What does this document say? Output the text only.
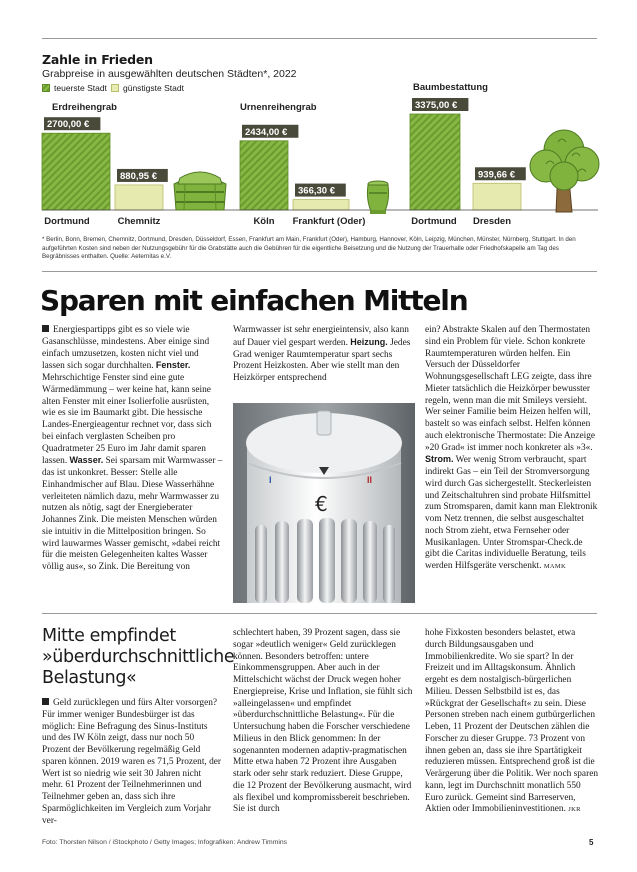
Zahle in Frieden
Grabpreise in ausgewählten deutschen Städten*, 2022
teuerste Stadt günstigste Stadt
Erdreihengrab	Urnenreihengrab
Baumbestattung
2700,00 €
Dortmund
880,95 €
Chemnitz
2434,00 €
Köln
366,30 €
Frankfurt (Oder)
3375,00 €
Dortmund
939,66 €
Dresden
* Berlin, Bonn, Bremen, Chemnitz, Dortmund, Dresden, Düsseldorf, Essen, Frankfurt am Main, Frankfurt (Oder), Hamburg, Hannover, Köln, Leipzig, München, Münster, Nürnberg, Stuttgart. In den aufgeführten Kosten sind neben der Nutzungsgebühr für die Grabstätte auch die Gebühren für die eigentliche Beisetzung und die Nutzung der Trauerhalle oder Friedhofskapelle am Tag des Begräbnisses enthalten. Quelle: Aeternitas e.V.
Sparen mit einfachen Mitteln

Energiespartipps gibt es so viele wie Gasanschlüsse, mindestens. Aber einige sind einfach umzusetzen, kosten nicht viel und lassen sich sogar durchhalten. Fenster. Mehrschichtige Fenster sind eine gute Wärmedämmung – wer keine hat, kann seine alten Fenster mit einer Isolierfolie ausrüsten, wie es sie im Baumarkt gibt. Die hessische Landes-Energieagentur rechnet vor, dass sich bei einfach verglasten Scheiben pro Quadratmeter 25 Euro im Jahr damit sparen lassen. Wasser. Sei sparsam mit Warmwasser – das ist unkonkret. Besser: Stelle alle Einhandmischer auf Blau. Diese Wasserhähne verleiteten nämlich dazu, mehr Warmwasser zu nutzen als nötig, sagt der Energieberater Johannes Zink. Die meisten Menschen würden sie intuitiv in die Mittelposition bringen. So wird lauwarmes Wasser gemischt, »dabei reicht für die meisten Gelegenheiten kaltes Wasser völlig aus«, so Zink. Die Bereitung von

Warmwasser ist sehr energieintensiv, also kann auf Dauer viel gespart werden. Heizung. Jedes Grad weniger Raumtemperatur spart sechs Prozent Heizkosten. Aber wie stellt man den Heizkörper entsprechend

I	II
€

ein? Abstrakte Skalen auf den Thermostaten sind ein Problem für viele. Schon konkrete Raumtemperaturen würden helfen. Ein Versuch der Düsseldorfer Wohnungsgesellschaft LEG zeigte, dass ihre Mieter tatsächlich die Heizkörper bewusster regeln, wenn man die mit Smileys versieht. Wer seiner Familie beim Heizen helfen will, bastelt so was einfach selbst. Helfen können auch elektronische Thermostate: Die Anzeige »20 Grad« ist immer noch konkreter als »3«. Strom. Wer wenig Strom verbraucht, spart indirekt Gas – ein Teil der Stromversorgung wird durch Gas sichergestellt. Steckerleisten und Zeitschaltuhren sind probate Hilfsmittel zum Stromsparen, damit kann man Elektronik vom Netz trennen, die selbst ausgeschaltet noch Strom zieht, etwa Fernseher oder Musikanlagen. Unter Stromspar-Check.de gibt die Caritas individuelle Beratung, teils werden Hilfsgeräte verschenkt. MAMK

Mitte empfindet »überdurchschnittliche Belastung«

Geld zurücklegen und fürs Alter vorsorgen? Für immer weniger Bundesbürger ist das möglich: Eine Befragung des Sinus-Instituts und des IW Köln zeigt, dass nur noch 50 Prozent der Bevölkerung regelmäßig Geld sparen können. 2019 waren es 71,5 Prozent, der Wert ist so niedrig wie seit 30 Jahren nicht mehr. 61 Prozent der Teilnehmerinnen und Teilnehmer geben an, dass sich ihre Sparmöglichkeiten im Vergleich zum Vorjahr ver-

schlechtert haben, 39 Prozent sagen, dass sie sogar »deutlich weniger« Geld zurücklegen können. Besonders betroffen: untere Einkommensgruppen. Aber auch in der Mittelschicht wächst der Druck wegen hoher Energiepreise, Krise und Inflation, sie fühlt sich »alleingelassen« und empfindet »überdurchschnittliche Belastung«. Für die Untersuchung haben die Forscher verschiedene Milieus in den Blick genommen: In der sogenannten modernen adaptiv-pragmatischen Mitte etwa haben 72 Prozent ihre Ausgaben stark oder sehr stark reduziert. Diese Gruppe, die 12 Prozent der Bevölkerung ausmacht, wird als flexibel und kompromissbereit beschrieben. Sie ist durch

hohe Fixkosten besonders belastet, etwa durch Bildungsausgaben und Immobilienkredite. Wo sie spart? In der Freizeit und im Alltagskonsum. Ähnlich ergeht es dem nostalgisch-bürgerlichen Milieu. Dessen Selbstbild ist es, das »Rückgrat der Gesellschaft« zu sein. Diese Personen streben nach einem gutbürgerlichen Leben, 11 Prozent der Deutschen zählen die Forscher zu dieser Gruppe. 73 Prozent von ihnen geben an, dass sie ihre Spartätigkeit reduzieren müssen. Entsprechend groß ist die Verärgerung über die Politik. Wer noch sparen kann, legt im Durchschnitt monatlich 550 Euro zurück. Gemeint sind Barreserven, Aktien oder Immobilieninvestitionen. JKR

Foto: Thorsten Nilson / iStockphoto / Getty Images; Infografiken: Andrew Timmins	5
